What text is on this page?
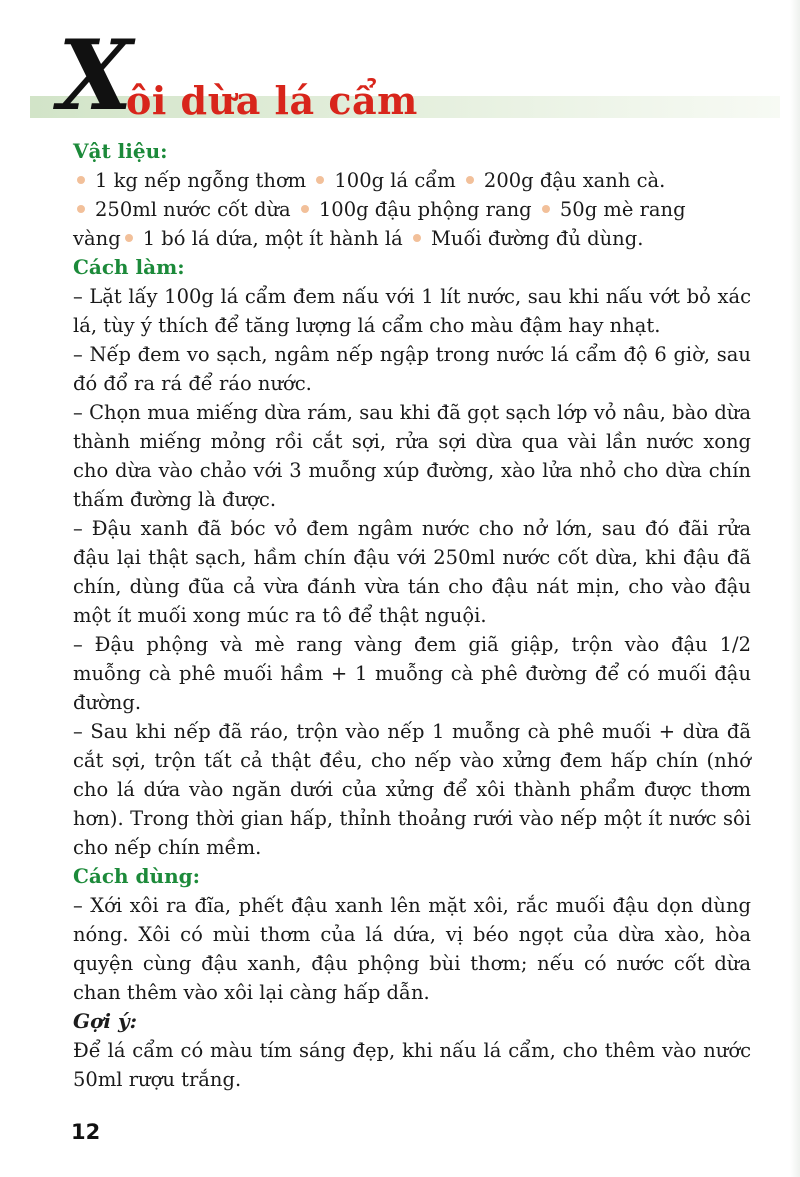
X
ôi dừa lá cẩm
Vật liệu:
1 kg nếp ngỗng thơm 100g lá cẩm 200g đậu xanh cà.
250ml nước cốt dừa 100g đậu phộng rang 50g mè rang
vàng 1 bó lá dứa, một ít hành lá Muối đường đủ dùng.
Cách làm:

– Lặt lấy 100g lá cẩm đem nấu với 1 lít nước, sau khi nấu vớt bỏ xác lá, tùy ý thích để tăng lượng lá cẩm cho màu đậm hay nhạt.

– Nếp đem vo sạch, ngâm nếp ngập trong nước lá cẩm độ 6 giờ, sau đó đổ ra rá để ráo nước.

– Chọn mua miếng dừa rám, sau khi đã gọt sạch lớp vỏ nâu, bào dừa thành miếng mỏng rồi cắt sợi, rửa sợi dừa qua vài lần nước xong cho dừa vào chảo với 3 muỗng xúp đường, xào lửa nhỏ cho dừa chín thấm đường là được.

– Đậu xanh đã bóc vỏ đem ngâm nước cho nở lớn, sau đó đãi rửa đậu lại thật sạch, hầm chín đậu với 250ml nước cốt dừa, khi đậu đã chín, dùng đũa cả vừa đánh vừa tán cho đậu nát mịn, cho vào đậu một ít muối xong múc ra tô để thật nguội.

– Đậu phộng và mè rang vàng đem giã giập, trộn vào đậu 1/2 muỗng cà phê muối hầm + 1 muỗng cà phê đường để có muối đậu đường.

– Sau khi nếp đã ráo, trộn vào nếp 1 muỗng cà phê muối + dừa đã cắt sợi, trộn tất cả thật đều, cho nếp vào xửng đem hấp chín (nhớ cho lá dứa vào ngăn dưới của xửng để xôi thành phẩm được thơm hơn). Trong thời gian hấp, thỉnh thoảng rưới vào nếp một ít nước sôi cho nếp chín mềm.

Cách dùng:

– Xới xôi ra đĩa, phết đậu xanh lên mặt xôi, rắc muối đậu dọn dùng nóng. Xôi có mùi thơm của lá dứa, vị béo ngọt của dừa xào, hòa quyện cùng đậu xanh, đậu phộng bùi thơm; nếu có nước cốt dừa chan thêm vào xôi lại càng hấp dẫn.

Gợi ý:

Để lá cẩm có màu tím sáng đẹp, khi nấu lá cẩm, cho thêm vào nước 50ml rượu trắng.

12
